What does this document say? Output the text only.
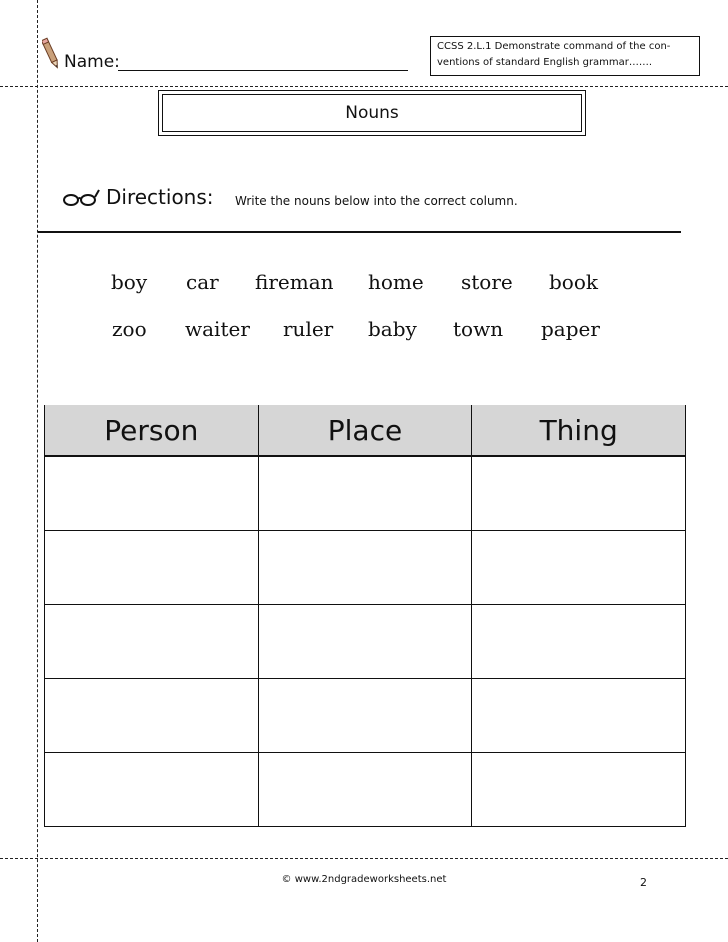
Name:
CCSS 2.L.1 Demonstrate command of the con-
ventions of standard English grammar…….
Nouns
Directions: Write the nouns below into the correct column.
boy car fireman home store book
zoo waiter ruler baby town paper
Person	Place	Thing

© www.2ndgradeworksheets.net	2
